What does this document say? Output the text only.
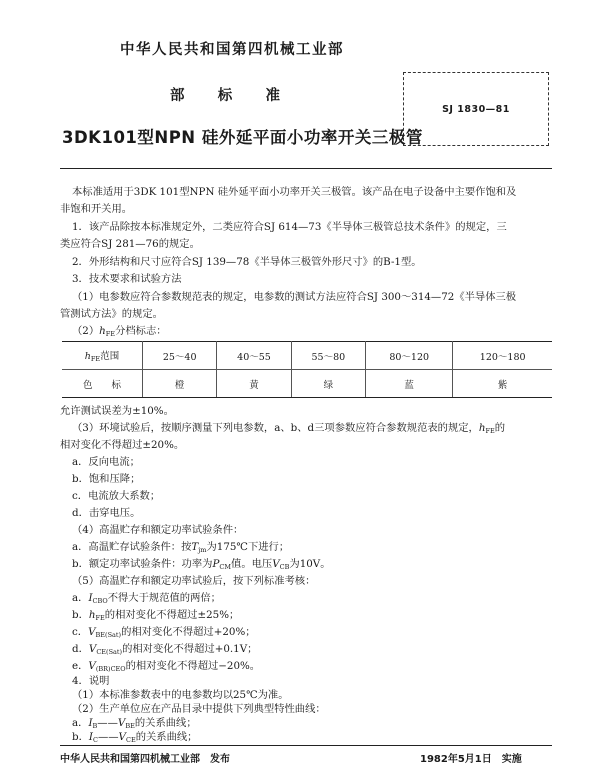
中华人民共和国第四机械工业部
部 标 准
SJ 1830—81
3DK101型NPN 硅外延平面小功率开关三极管
本标准适用于3DK 101型NPN 硅外延平面小功率开关三极管。该产品在电子设备中主要作饱和及
非饱和开关用。
1．该产品除按本标准规定外，二类应符合SJ 614—73《半导体三极管总技术条件》的规定，三
类应符合SJ 281—76的规定。
2．外形结构和尺寸应符合SJ 139—78《半导体三极管外形尺寸》的B-1型。
3．技术要求和试验方法
（1）电参数应符合参数规范表的规定，电参数的测试方法应符合SJ 300～314—72《半导体三极
管测试方法》的规定。
$(2)h_{FE}$分档标志：
$h_{FE}$范围	25～40	40～55	55～80	80～120	120～180
色　　标	橙	黄	绿	蓝	紫
允许测试误差为±10%。
（3）环境试验后，按顺序测量下列电参数，a、b、d三项参数应符合参数规范表的规定，$h_{FE}$的
相对变化不得超过±20%。
a．反向电流；
b．饱和压降；
c．电流放大系数；
d．击穿电压。
（4）高温贮存和额定功率试验条件：
a．高温贮存试验条件：按$T_{jm}$为175℃下进行；
b．额定功率试验条件：功率为$P_{CM}$值。电压$V_{CB}$为10V。
（5）高温贮存和额定功率试验后，按下列标准考核：
a．$I_{CBO}$不得大于规范值的两倍；
b．$h_{FE}$的相对变化不得超过±25%；
c．$V_{BE(Sat)}$的相对变化不得超过+20%；
d．$V_{CE(Sat)}$的相对变化不得超过+0.1V；
e．$V_{(BR)CEO}$的相对变化不得超过−20%。
4．说明
（1）本标准参数表中的电参数均以25℃为准。
（2）生产单位应在产品目录中提供下列典型特性曲线：
a．$I_B——V_{BE}$的关系曲线；
b．$I_C——V_{CE}$的关系曲线；
中华人民共和国第四机械工业部　发布	1982年5月1日　实施
